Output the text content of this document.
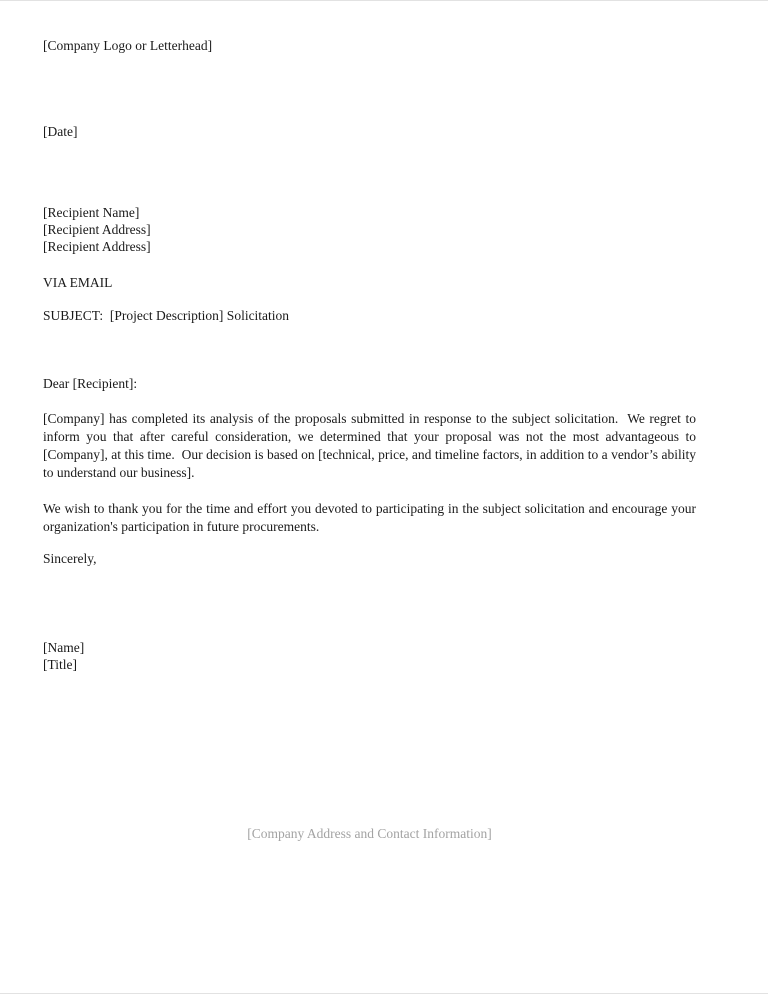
[Company Logo or Letterhead]
[Date]
[Recipient Name]
[Recipient Address]
[Recipient Address]
VIA EMAIL
SUBJECT:  [Project Description] Solicitation
Dear [Recipient]:

[Company] has completed its analysis of the proposals submitted in response to the subject solicitation.  We regret to inform you that after careful consideration, we determined that your proposal was not the most advantageous to [Company], at this time.  Our decision is based on [technical, price, and timeline factors, in addition to a vendor’s ability to understand our business].

We wish to thank you for the time and effort you devoted to participating in the subject solicitation and encourage your organization's participation in future procurements.

Sincerely,
[Name]
[Title]
[Company Address and Contact Information]
